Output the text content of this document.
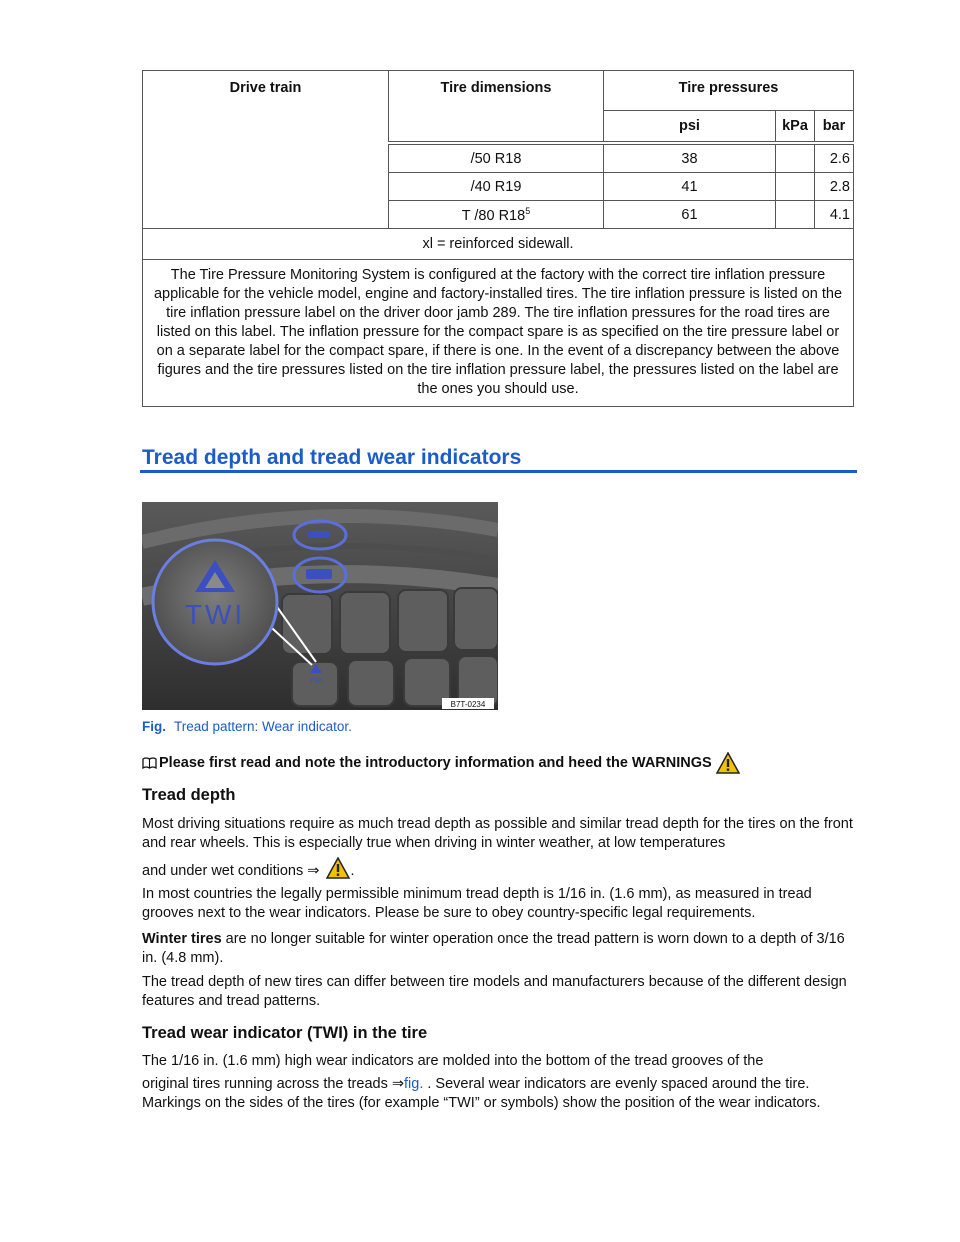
Drive train	Tire dimensions	Tire pressures		
		psi	kPa	bar
	/50 R18	38		2.6
	/40 R19	41		2.8
	T /80 $R18^5$	61		4.1
xl = reinforced sidewall.				
The Tire Pressure Monitoring System is configured at the factory with the correct tire inflation pressure applicable for the vehicle model, engine and factory-installed tires. The tire inflation pressure is listed on the tire inflation pressure label on the driver door jamb 289. The tire inflation pressures for the road tires are listed on this label. The inflation pressure for the compact spare is as specified on the tire pressure label or on a separate label for the compact spare, if there is one. In the event of a discrepancy between the above figures and the tire pressures listed on the tire inflation pressure label, the pressures listed on the label are the ones you should use.				
Tread depth and tread wear indicators
TWI
TWI
B7T-0234
Fig. Tread pattern: Wear indicator.
Please first read and note the introductory information and heed the WARNINGS
Tread depth

Most driving situations require as much tread depth as possible and similar tread depth for the tires on the front and rear wheels. This is especially true when driving in winter weather, at low temperatures

and under wet conditions ⇒ .

In most countries the legally permissible minimum tread depth is 1/16 in. (1.6 mm), as measured in tread grooves next to the wear indicators. Please be sure to obey country-specific legal requirements.

Winter tires are no longer suitable for winter operation once the tread pattern is worn down to a depth of 3/16 in. (4.8 mm).

The tread depth of new tires can differ between tire models and manufacturers because of the different design features and tread patterns.

Tread wear indicator (TWI) in the tire

The 1/16 in. (1.6 mm) high wear indicators are molded into the bottom of the tread grooves of the

original tires running across the treads ⇒fig. . Several wear indicators are evenly spaced around the tire. Markings on the sides of the tires (for example “TWI” or symbols) show the position of the wear indicators.
